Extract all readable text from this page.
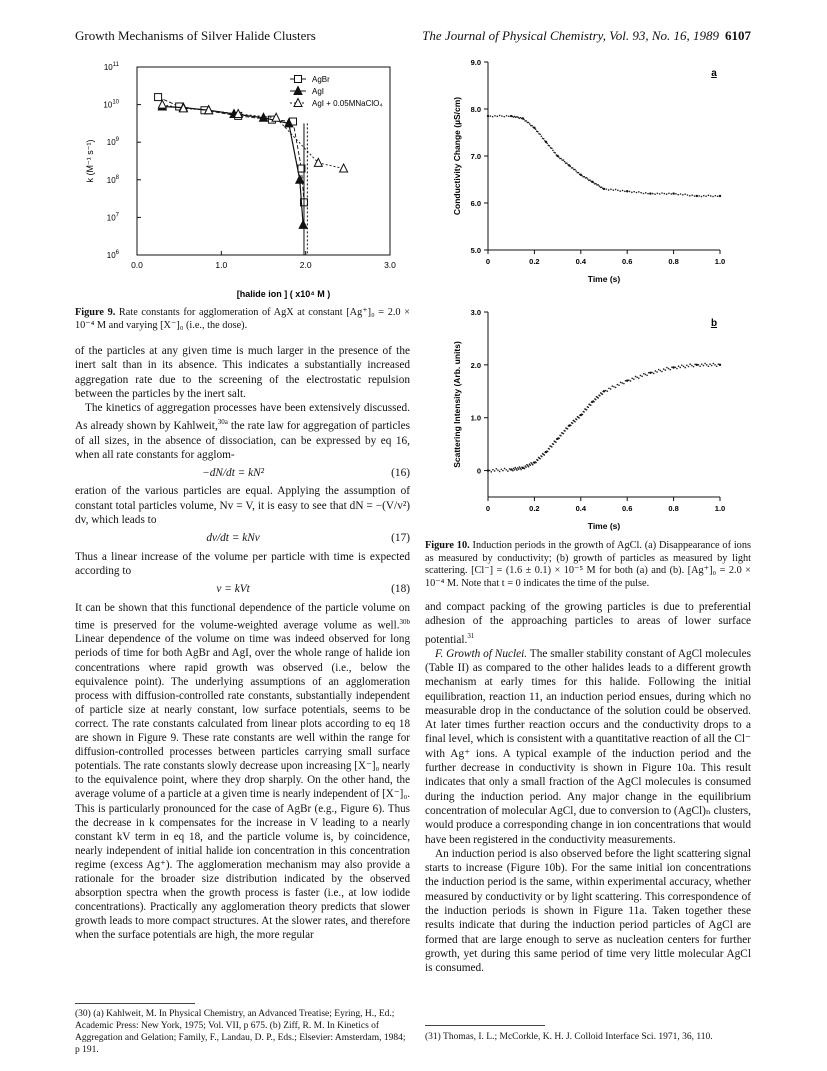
Growth Mechanisms of Silver Halide Clusters	The Journal of Physical Chemistry, Vol. 93, No. 16, 1989 6107
0.0	1.0	2.0	3.0
$10^6$
$10^7$
$10^8$
$10^9$
$10^{10}$
$10^{11}$
[halide ion ] ( x10⁴ M )
k (M⁻¹ s⁻¹)
AgBr
AgI
AgI + 0.05MNaClO₄
Figure 9. Rate constants for agglomeration of AgX at constant [Ag⁺]₀ = 2.0 × 10⁻⁴ M and varying [X⁻]₀ (i.e., the dose).

of the particles at any given time is much larger in the presence of the inert salt than in its absence. This indicates a substantially increased aggregation rate due to the screening of the electrostatic repulsion between the particles by the inert salt.

The kinetics of aggregation processes have been extensively discussed. As already shown by Kahlweit,$^{30a}$ the rate law for aggregation of particles of all sizes, in the absence of dissociation, can be expressed by eq 16, when all rate constants for agglom-

−dN/dt = kN²	(16)

eration of the various particles are equal. Applying the assumption of constant total particles volume, Nv = V, it is easy to see that dN = −(V/v²) dv, which leads to

dv/dt = kNv	(17)

Thus a linear increase of the volume per particle with time is expected according to

v = kVt	(18)

It can be shown that this functional dependence of the particle volume on time is preserved for the volume-weighted average volume as well.$^{30b}$ Linear dependence of the volume on time was indeed observed for long periods of time for both AgBr and AgI, over the whole range of halide ion concentrations where rapid growth was observed (i.e., below the equivalence point). The underlying assumptions of an agglomeration process with diffusion-controlled rate constants, substantially independent of particle size at nearly constant, low surface potentials, seems to be correct. The rate constants calculated from linear plots according to eq 18 are shown in Figure 9. These rate constants are well within the range for diffusion-controlled processes between particles carrying small surface potentials. The rate constants slowly decrease upon increasing [X⁻]₀ nearly to the equivalence point, where they drop sharply. On the other hand, the average volume of a particle at a given time is nearly independent of [X⁻]₀. This is particularly pronounced for the case of AgBr (e.g., Figure 6). Thus the decrease in k compensates for the increase in V leading to a nearly constant kV term in eq 18, and the particle volume is, by coincidence, nearly independent of initial halide ion concentration in this concentration regime (excess Ag⁺). The agglomeration mechanism may also provide a rationale for the broader size distribution indicated by the observed absorption spectra when the growth process is faster (i.e., at low iodide concentrations). Practically any agglomeration theory predicts that slower growth leads to more compact structures. At the slower rates, and therefore when the surface potentials are high, the more regular

(30) (a) Kahlweit, M. In Physical Chemistry, an Advanced Treatise; Eyring, H., Ed.; Academic Press: New York, 1975; Vol. VII, p 675. (b) Ziff, R. M. In Kinetics of Aggregation and Gelation; Family, F., Landau, D. P., Eds.; Elsevier: Amsterdam, 1984; p 191.
0	0.2	0.4	0.6	0.8	1.0
5.0
6.0
7.0
8.0
9.0
Time (s)
Conductivity Change (µS/cm)
a
0	0.2	0.4	0.6	0.8	1.0
0
1.0
2.0
3.0
Time (s)
Scattering Intensity (Arb. units)
b
Figure 10. Induction periods in the growth of AgCl. (a) Disappearance of ions as measured by conductivity; (b) growth of particles as measured by light scattering. [Cl⁻] = (1.6 ± 0.1) × 10⁻⁵ M for both (a) and (b). [Ag⁺]₀ = 2.0 × 10⁻⁴ M. Note that t = 0 indicates the time of the pulse.

and compact packing of the growing particles is due to preferential adhesion of the approaching particles to areas of lower surface potential.$^{31}$

F. Growth of Nuclei. The smaller stability constant of AgCl molecules (Table II) as compared to the other halides leads to a different growth mechanism at early times for this halide. Following the initial equilibration, reaction 11, an induction period ensues, during which no measurable drop in the conductance of the solution could be observed. At later times further reaction occurs and the conductivity drops to a final level, which is consistent with a quantitative reaction of all the Cl⁻ with Ag⁺ ions. A typical example of the induction period and the further decrease in conductivity is shown in Figure 10a. This result indicates that only a small fraction of the AgCl molecules is consumed during the induction period. Any major change in the equilibrium concentration of molecular AgCl, due to conversion to (AgCl)ₙ clusters, would produce a corresponding change in ion concentrations that would have been registered in the conductivity measurements.

An induction period is also observed before the light scattering signal starts to increase (Figure 10b). For the same initial ion concentrations the induction period is the same, within experimental accuracy, whether measured by conductivity or by light scattering. This correspondence of the induction periods is shown in Figure 11a. Taken together these results indicate that during the induction period particles of AgCl are formed that are large enough to serve as nucleation centers for further growth, yet during this same period of time very little molecular AgCl is consumed.

(31) Thomas, I. L.; McCorkle, K. H. J. Colloid Interface Sci. 1971, 36, 110.
